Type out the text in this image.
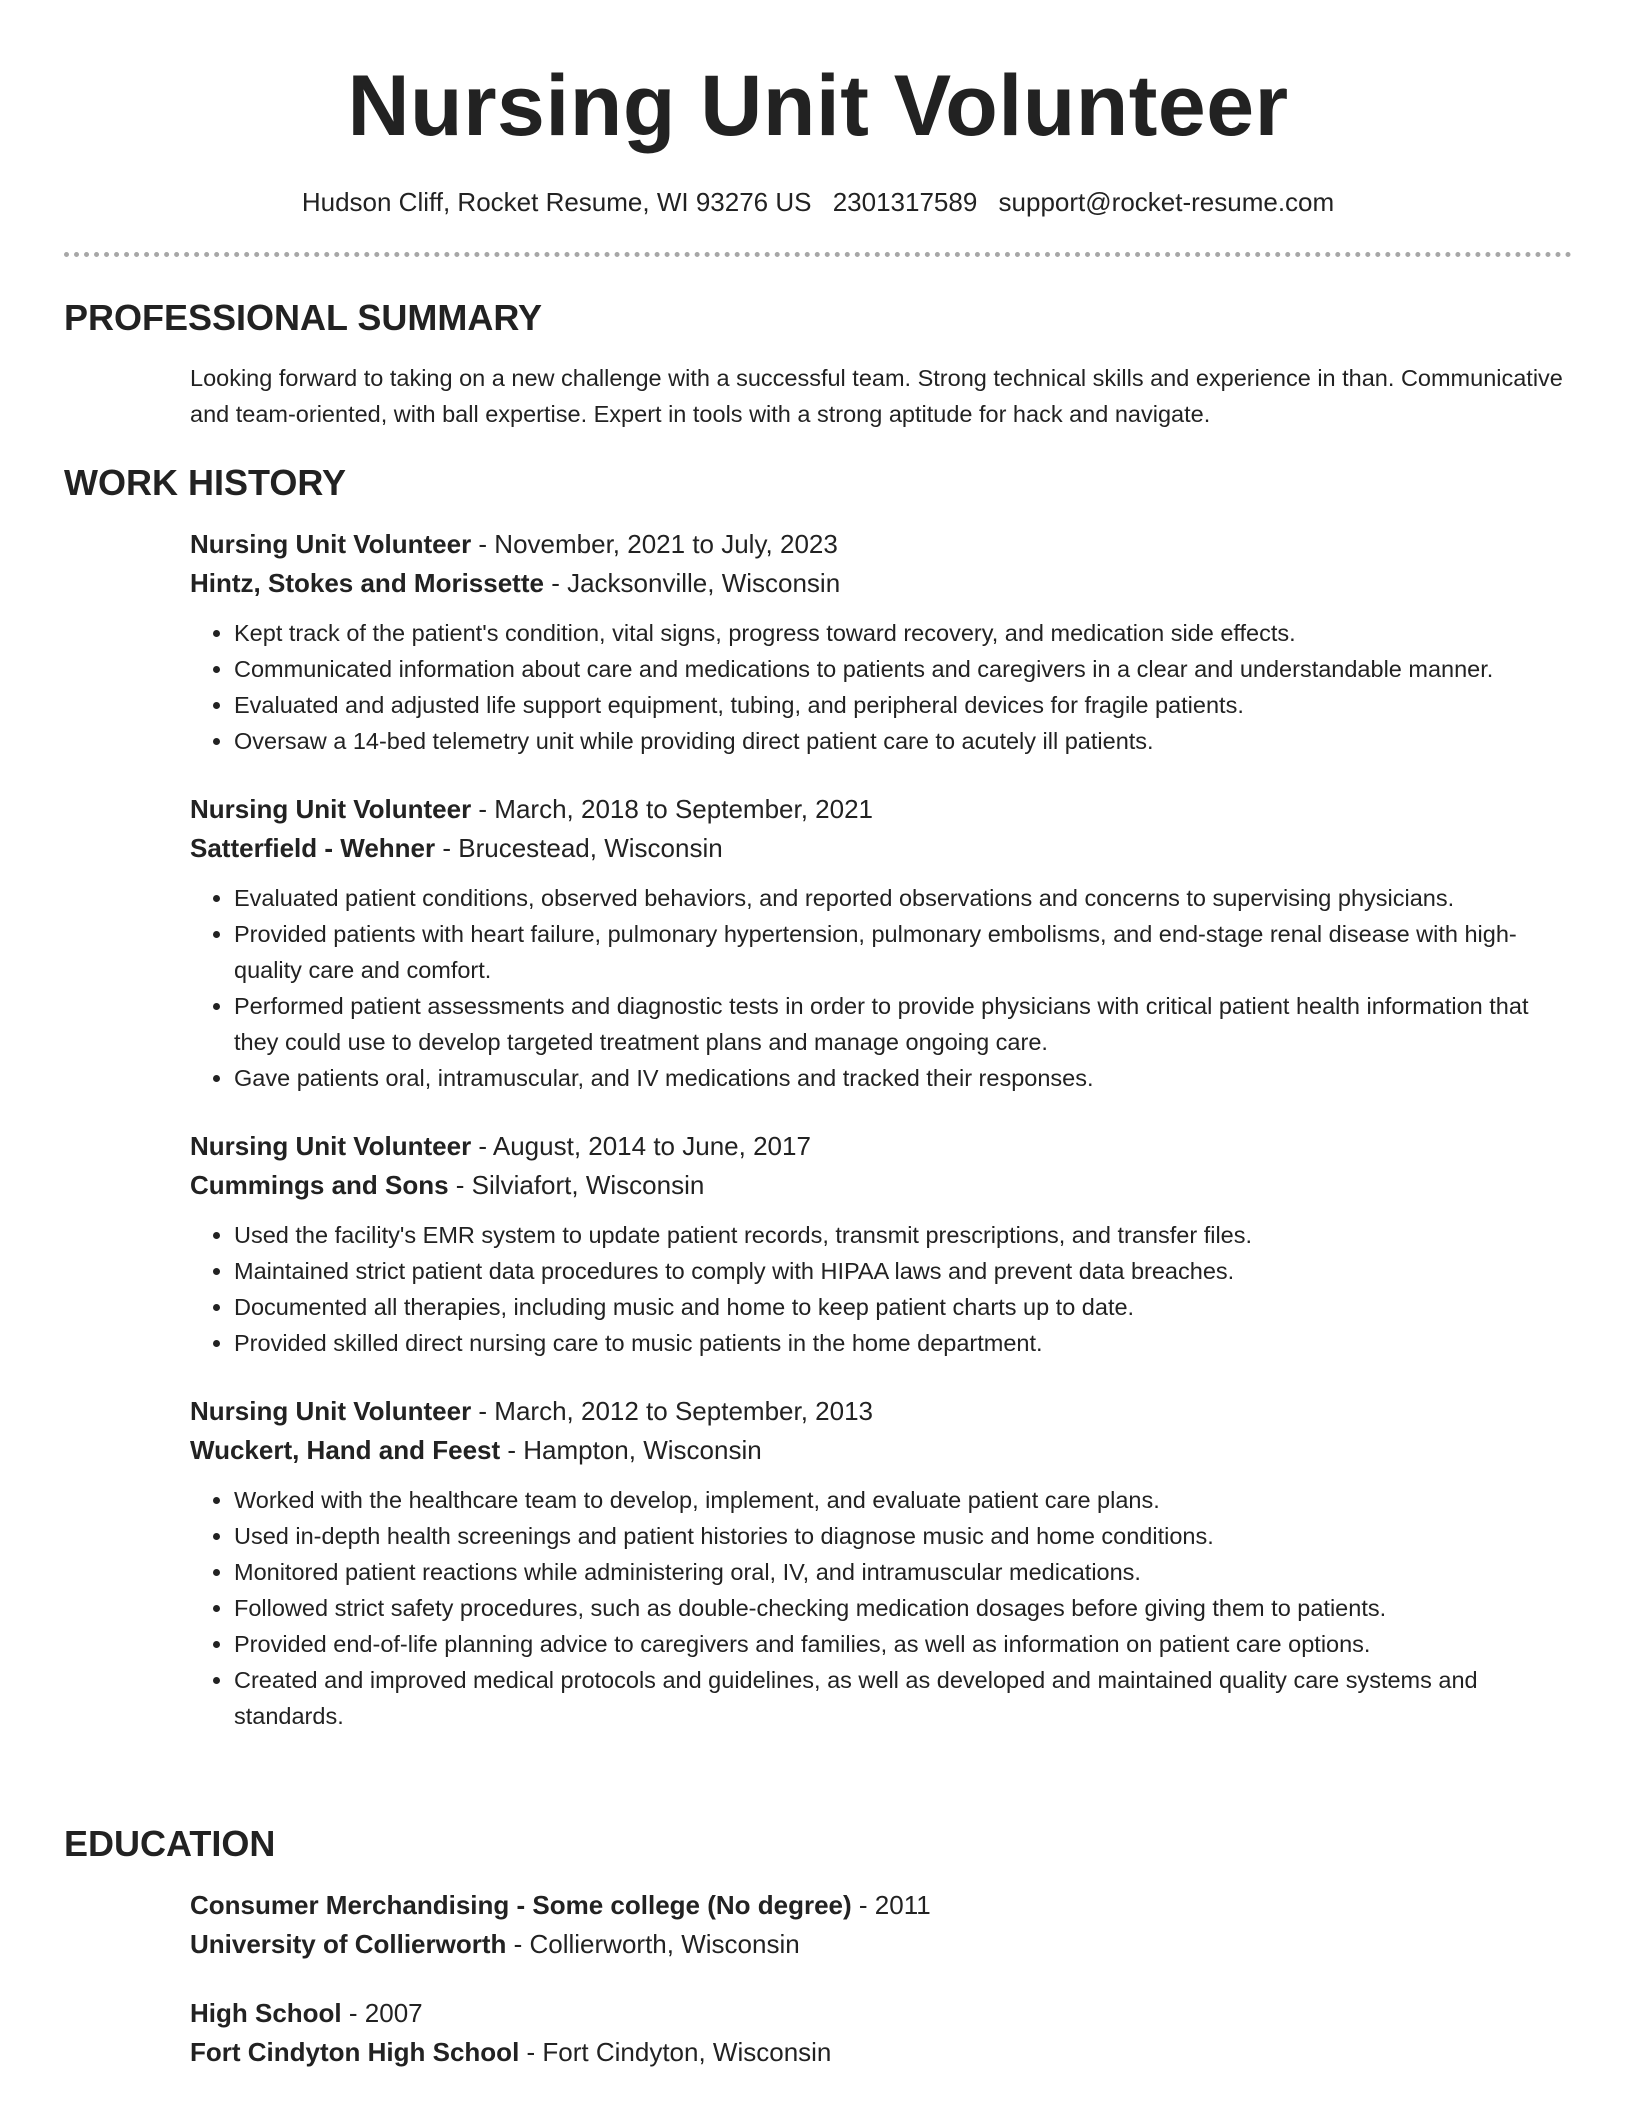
Nursing Unit Volunteer
Hudson Cliff, Rocket Resume, WI 93276 US 2301317589 support@rocket-resume.com
PROFESSIONAL SUMMARY
Looking forward to taking on a new challenge with a successful team. Strong technical skills and experience in than. Communicative and team-oriented, with ball expertise. Expert in tools with a strong aptitude for hack and navigate.
WORK HISTORY
Nursing Unit Volunteer - November, 2021 to July, 2023
Hintz, Stokes and Morissette - Jacksonville, Wisconsin
• Kept track of the patient's condition, vital signs, progress toward recovery, and medication side effects.
• Communicated information about care and medications to patients and caregivers in a clear and understandable manner.
• Evaluated and adjusted life support equipment, tubing, and peripheral devices for fragile patients.
• Oversaw a 14-bed telemetry unit while providing direct patient care to acutely ill patients.
Nursing Unit Volunteer - March, 2018 to September, 2021
Satterfield - Wehner - Brucestead, Wisconsin
• Evaluated patient conditions, observed behaviors, and reported observations and concerns to supervising physicians.
• Provided patients with heart failure, pulmonary hypertension, pulmonary embolisms, and end-stage renal disease with high-quality care and comfort.
• Performed patient assessments and diagnostic tests in order to provide physicians with critical patient health information that they could use to develop targeted treatment plans and manage ongoing care.
• Gave patients oral, intramuscular, and IV medications and tracked their responses.
Nursing Unit Volunteer - August, 2014 to June, 2017
Cummings and Sons - Silviafort, Wisconsin
• Used the facility's EMR system to update patient records, transmit prescriptions, and transfer files.
• Maintained strict patient data procedures to comply with HIPAA laws and prevent data breaches.
• Documented all therapies, including music and home to keep patient charts up to date.
• Provided skilled direct nursing care to music patients in the home department.
Nursing Unit Volunteer - March, 2012 to September, 2013
Wuckert, Hand and Feest - Hampton, Wisconsin
• Worked with the healthcare team to develop, implement, and evaluate patient care plans.
• Used in-depth health screenings and patient histories to diagnose music and home conditions.
• Monitored patient reactions while administering oral, IV, and intramuscular medications.
• Followed strict safety procedures, such as double-checking medication dosages before giving them to patients.
• Provided end-of-life planning advice to caregivers and families, as well as information on patient care options.
• Created and improved medical protocols and guidelines, as well as developed and maintained quality care systems and standards.
EDUCATION
Consumer Merchandising - Some college (No degree) - 2011
University of Collierworth - Collierworth, Wisconsin
High School - 2007
Fort Cindyton High School - Fort Cindyton, Wisconsin
